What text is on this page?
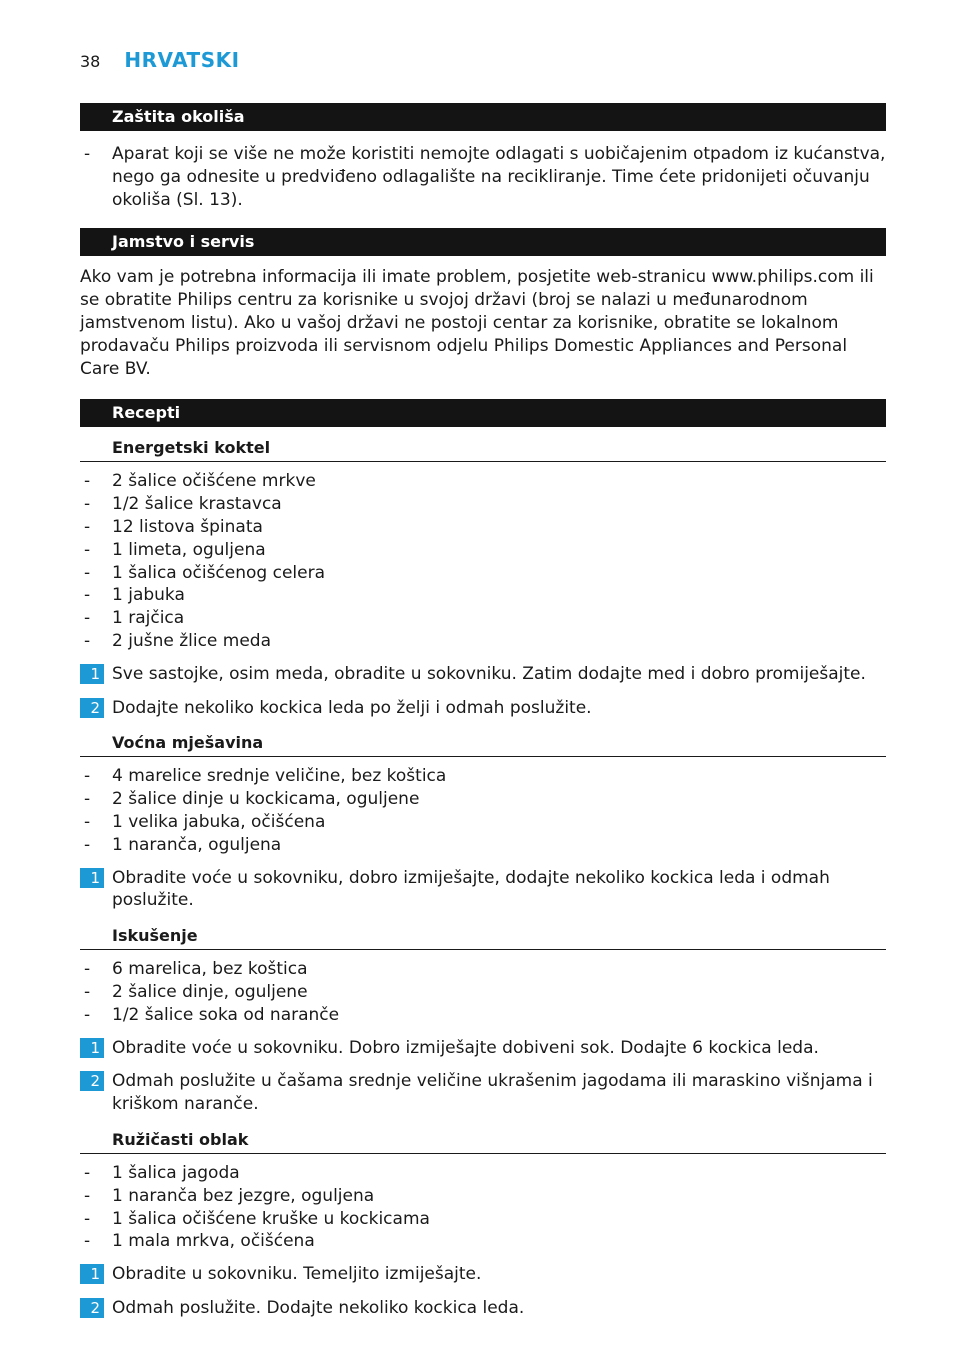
38 HRVATSKI
Zaštita okoliša
- Aparat koji se više ne može koristiti nemojte odlagati s uobičajenim otpadom iz kućanstva, nego ga odnesite u predviđeno odlagalište na recikliranje. Time ćete pridonijeti očuvanju okoliša (Sl. 13).
Jamstvo i servis
Ako vam je potrebna informacija ili imate problem, posjetite web-stranicu www.philips.com ili se obratite Philips centru za korisnike u svojoj državi (broj se nalazi u međunarodnom jamstvenom listu). Ako u vašoj državi ne postoji centar za korisnike, obratite se lokalnom prodavaču Philips proizvoda ili servisnom odjelu Philips Domestic Appliances and Personal Care BV.
Recepti
Energetski koktel
- 2 šalice očišćene mrkve
- 1/2 šalice krastavca
- 12 listova špinata
- 1 limeta, oguljena
- 1 šalica očišćenog celera
- 1 jabuka
- 1 rajčica
- 2 jušne žlice meda
1 Sve sastojke, osim meda, obradite u sokovniku. Zatim dodajte med i dobro promiješajte.
2 Dodajte nekoliko kockica leda po želji i odmah poslužite.
Voćna mješavina
- 4 marelice srednje veličine, bez koštica
- 2 šalice dinje u kockicama, oguljene
- 1 velika jabuka, očišćena
- 1 naranča, oguljena
1 Obradite voće u sokovniku, dobro izmiješajte, dodajte nekoliko kockica leda i odmah poslužite.
Iskušenje
- 6 marelica, bez koštica
- 2 šalice dinje, oguljene
- 1/2 šalice soka od naranče
1 Obradite voće u sokovniku. Dobro izmiješajte dobiveni sok. Dodajte 6 kockica leda.
2 Odmah poslužite u čašama srednje veličine ukrašenim jagodama ili maraskino višnjama i kriškom naranče.
Ružičasti oblak
- 1 šalica jagoda
- 1 naranča bez jezgre, oguljena
- 1 šalica očišćene kruške u kockicama
- 1 mala mrkva, očišćena
1 Obradite u sokovniku. Temeljito izmiješajte.
2 Odmah poslužite. Dodajte nekoliko kockica leda.
